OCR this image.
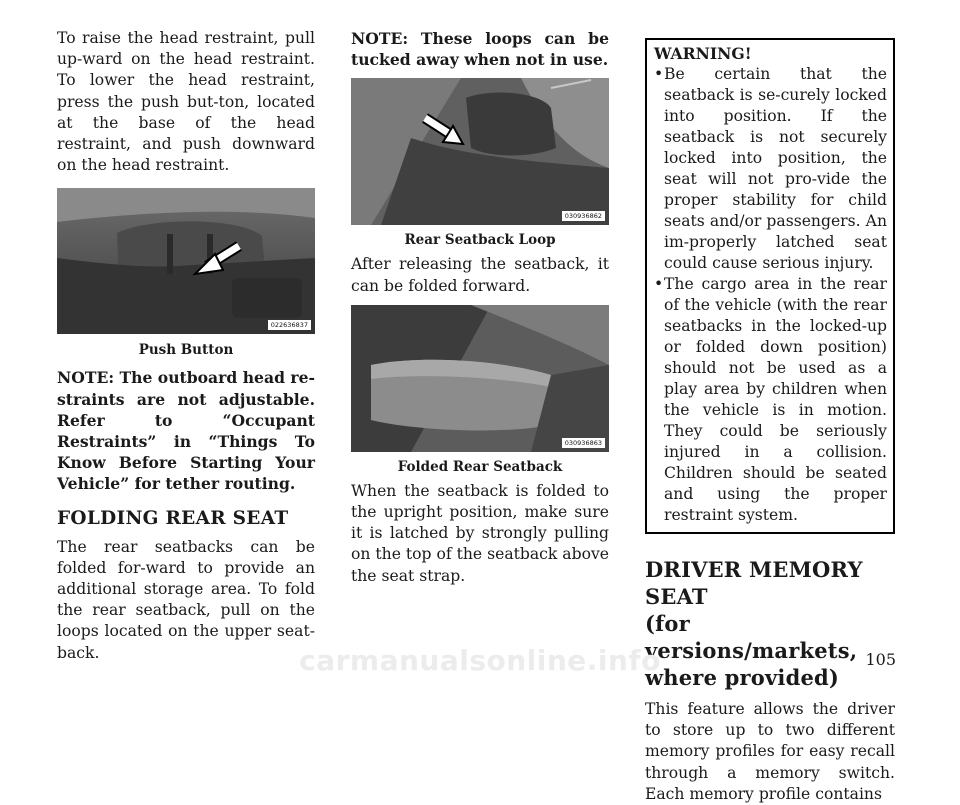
To raise the head restraint, pull up-ward on the head restraint. To lower the head restraint, press the push but-ton, located at the base of the head restraint, and push downward on the head restraint.

022636837
Push Button

NOTE: The outboard head re-straints are not adjustable. Refer to “Occupant Restraints” in “Things To Know Before Starting Your Vehicle” for tether routing.

FOLDING REAR SEAT

The rear seatbacks can be folded for-ward to provide an additional storage area. To fold the rear seatback, pull on the loops located on the upper seat-back.

NOTE: These loops can be tucked away when not in use.

030936862
Rear Seatback Loop

After releasing the seatback, it can be folded forward.

030936863
Folded Rear Seatback

When the seatback is folded to the upright position, make sure it is latched by strongly pulling on the top of the seatback above the seat strap.

WARNING!
• Be certain that the seatback is se-curely locked into position. If the seatback is not securely locked into position, the seat will not pro-vide the proper stability for child seats and/or passengers. An im-properly latched seat could cause serious injury.
• The cargo area in the rear of the vehicle (with the rear seatbacks in the locked-up or folded down position) should not be used as a play area by children when the vehicle is in motion. They could be seriously injured in a collision. Children should be seated and using the proper restraint system.
DRIVER MEMORY SEAT
(for versions/markets,
where provided)

This feature allows the driver to store up to two different memory profiles for easy recall through a memory switch. Each memory profile contains

105
carmanualsonline.info
